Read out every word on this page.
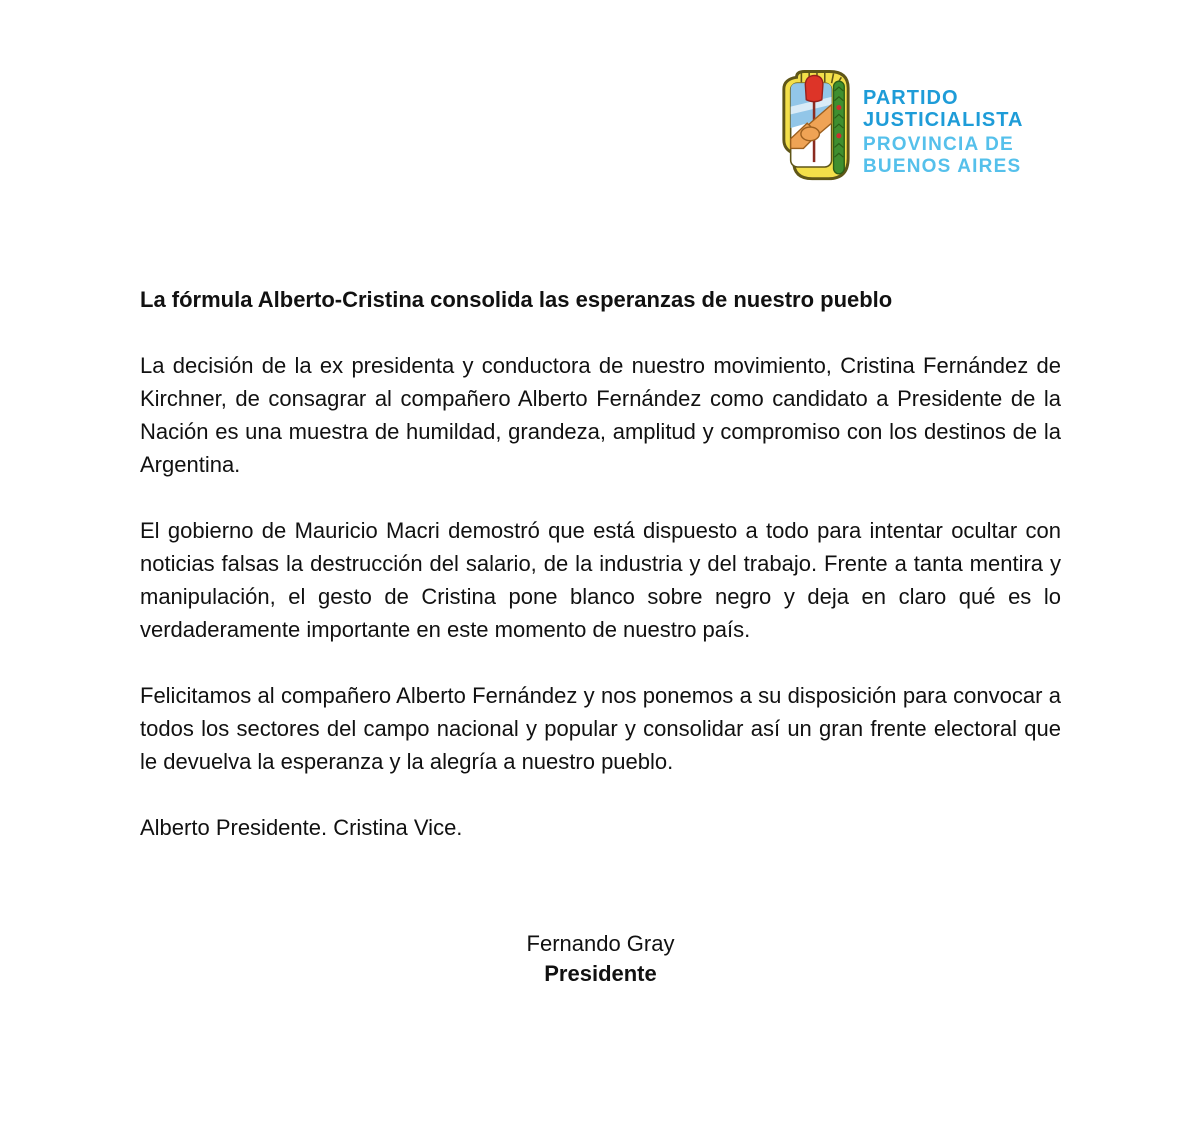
PARTIDO
JUSTICIALISTA
PROVINCIA DE
BUENOS AIRES
La fórmula Alberto-Cristina consolida las esperanzas de nuestro pueblo

La decisión de la ex presidenta y conductora de nuestro movimiento, Cristina Fernández de Kirchner, de consagrar al compañero Alberto Fernández como candidato a Presidente de la Nación es una muestra de humildad, grandeza, amplitud y compromiso con los destinos de la Argentina.

El gobierno de Mauricio Macri demostró que está dispuesto a todo para intentar ocultar con noticias falsas la destrucción del salario, de la industria y del trabajo. Frente a tanta mentira y manipulación, el gesto de Cristina pone blanco sobre negro y deja en claro qué es lo verdaderamente importante en este momento de nuestro país.

Felicitamos al compañero Alberto Fernández y nos ponemos a su disposición para convocar a todos los sectores del campo nacional y popular y consolidar así un gran frente electoral que le devuelva la esperanza y la alegría a nuestro pueblo.

Alberto Presidente. Cristina Vice.

Fernando Gray
Presidente
